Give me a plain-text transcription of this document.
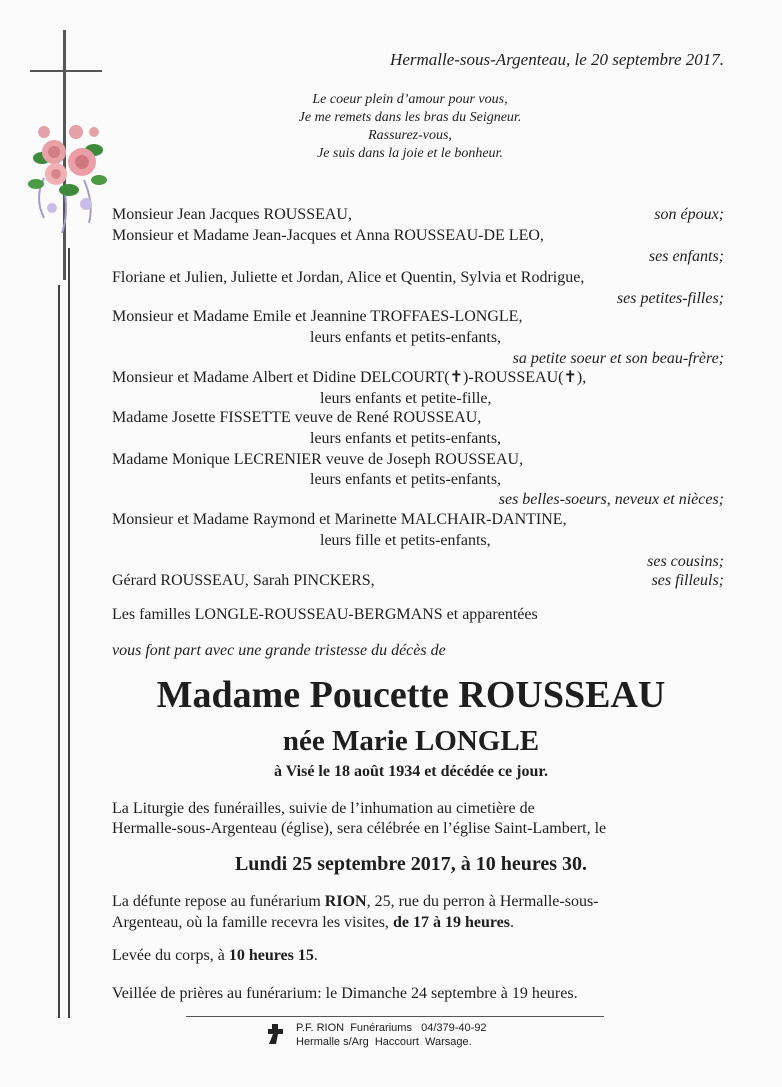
Hermalle-sous-Argenteau, le 20 septembre 2017.
Le coeur plein d’amour pour vous,
Je me remets dans les bras du Seigneur.
Rassurez-vous,
Je suis dans la joie et le bonheur.
Monsieur Jean Jacques ROUSSEAU,	son époux;
Monsieur et Madame Jean-Jacques et Anna ROUSSEAU-DE LEO,
ses enfants;
Floriane et Julien, Juliette et Jordan, Alice et Quentin, Sylvia et Rodrigue,
ses petites-filles;
Monsieur et Madame Emile et Jeannine TROFFAES-LONGLE,
leurs enfants et petits-enfants,
sa petite soeur et son beau-frère;
Monsieur et Madame Albert et Didine DELCOURT(✝)-ROUSSEAU(✝),
leurs enfants et petite-fille,
Madame Josette FISSETTE veuve de René ROUSSEAU,
leurs enfants et petits-enfants,
Madame Monique LECRENIER veuve de Joseph ROUSSEAU,
leurs enfants et petits-enfants,
ses belles-soeurs, neveux et nièces;
Monsieur et Madame Raymond et Marinette MALCHAIR-DANTINE,
leurs fille et petits-enfants,
ses cousins;
Gérard ROUSSEAU, Sarah PINCKERS,	ses filleuls;
Les familles LONGLE-ROUSSEAU-BERGMANS et apparentées
vous font part avec une grande tristesse du décès de
Madame Poucette ROUSSEAU
née Marie LONGLE
à Visé le 18 août 1934 et décédée ce jour.
La Liturgie des funérailles, suivie de l’inhumation au cimetière de
Hermalle-sous-Argenteau (église), sera célébrée en l’église Saint-Lambert, le
Lundi 25 septembre 2017, à 10 heures 30.
La défunte repose au funérarium RION, 25, rue du perron à Hermalle-sous-
Argenteau, où la famille recevra les visites, de 17 à 19 heures.
Levée du corps, à 10 heures 15.
Veillée de prières au funérarium: le Dimanche 24 septembre à 19 heures.
P.F. RION  Funérariums   04/379-40-92
Hermalle s/Arg  Haccourt  Warsage.
